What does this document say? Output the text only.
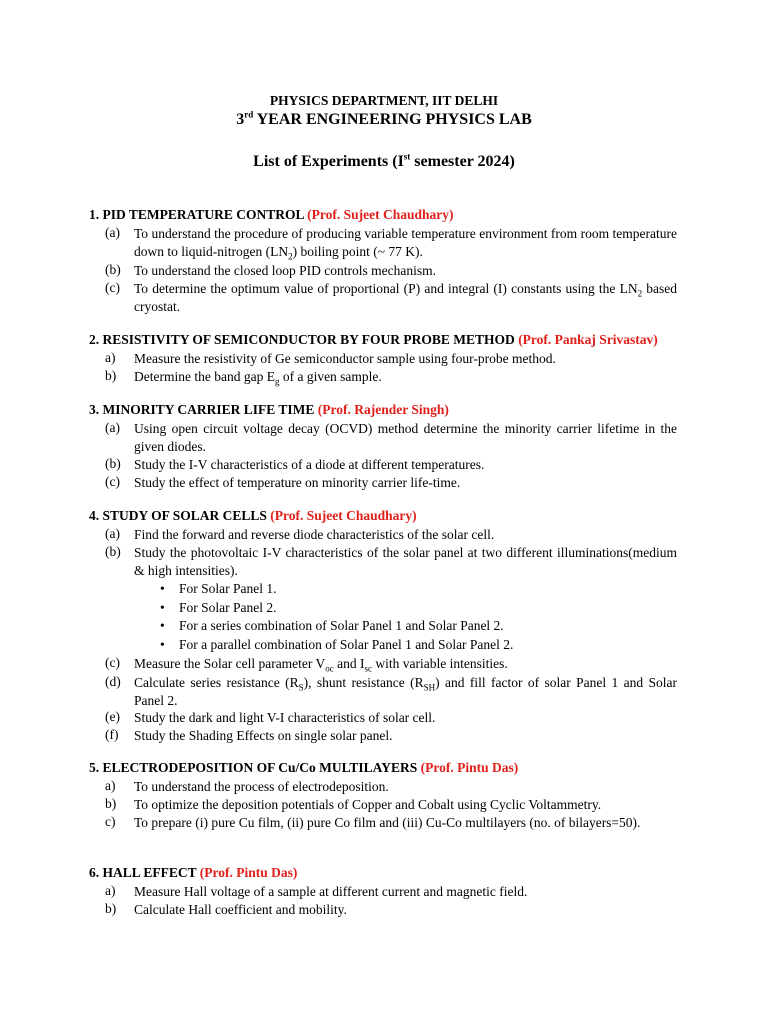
PHYSICS DEPARTMENT, IIT DELHI
3rd YEAR ENGINEERING PHYSICS LAB
List of Experiments (Ist semester 2024)
1. PID TEMPERATURE CONTROL (Prof. Sujeet Chaudhary)
(a) To understand the procedure of producing variable temperature environment from room temperature down to liquid-nitrogen $(LN_2)$ boiling point (~ 77 K).
(b) To understand the closed loop PID controls mechanism.
(c) To determine the optimum value of proportional (P) and integral (I) constants using the $LN_2$ based cryostat.
2. RESISTIVITY OF SEMICONDUCTOR BY FOUR PROBE METHOD (Prof. Pankaj Srivastav)
a) Measure the resistivity of Ge semiconductor sample using four-probe method.
b) Determine the band gap $E_g$ of a given sample.
3. MINORITY CARRIER LIFE TIME (Prof. Rajender Singh)
(a) Using open circuit voltage decay (OCVD) method determine the minority carrier lifetime in the given diodes.
(b) Study the I-V characteristics of a diode at different temperatures.
(c) Study the effect of temperature on minority carrier life-time.
4. STUDY OF SOLAR CELLS (Prof. Sujeet Chaudhary)
(a) Find the forward and reverse diode characteristics of the solar cell.
(b) Study the photovoltaic I-V characteristics of the solar panel at two different illuminations(medium & high intensities).
• For Solar Panel 1.
• For Solar Panel 2.
• For a series combination of Solar Panel 1 and Solar Panel 2.
• For a parallel combination of Solar Panel 1 and Solar Panel 2.
(c) Measure the Solar cell parameter $V_{oc}$ and $I_{sc}$ with variable intensities.
(d) Calculate series resistance $(R_S)$, shunt resistance $(R_{SH})$ and fill factor of solar Panel 1 and Solar Panel 2.
(e) Study the dark and light V-I characteristics of solar cell.
(f) Study the Shading Effects on single solar panel.
5. ELECTRODEPOSITION OF Cu/Co MULTILAYERS (Prof. Pintu Das)
a) To understand the process of electrodeposition.
b) To optimize the deposition potentials of Copper and Cobalt using Cyclic Voltammetry.
c) To prepare (i) pure Cu film, (ii) pure Co film and (iii) Cu-Co multilayers (no. of bilayers=50).
6. HALL EFFECT (Prof. Pintu Das)
a) Measure Hall voltage of a sample at different current and magnetic field.
b) Calculate Hall coefficient and mobility.
